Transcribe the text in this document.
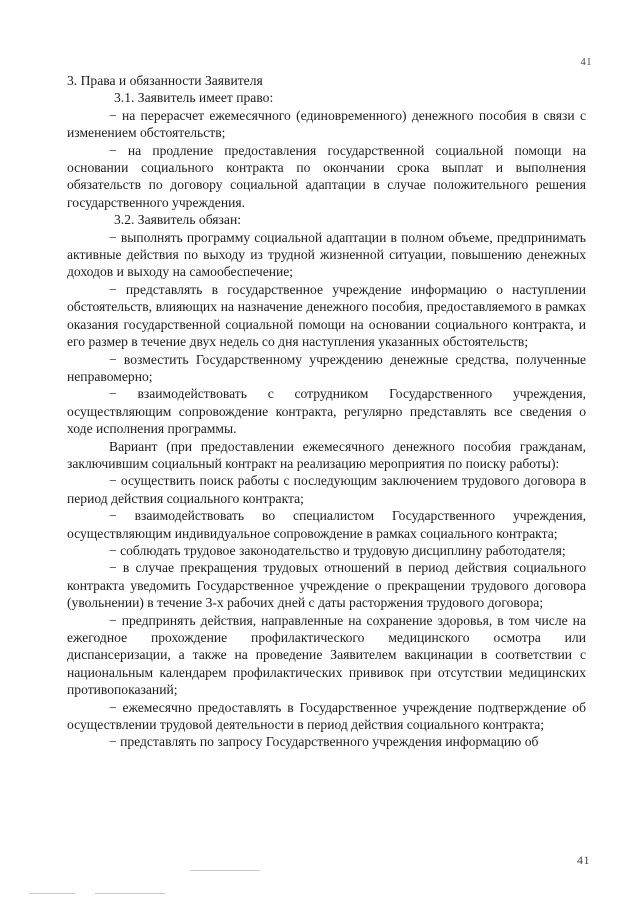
41

3. Права и обязанности Заявителя

3.1. Заявитель имеет право:

− на перерасчет ежемесячного (единовременного) денежного пособия в связи с изменением обстоятельств;

− на продление предоставления государственной социальной помощи на основании социального контракта по окончании срока выплат и выполнения обязательств по договору социальной адаптации в случае положительного решения государственного учреждения.

3.2. Заявитель обязан:

− выполнять программу социальной адаптации в полном объеме, предпринимать активные действия по выходу из трудной жизненной ситуации, повышению денежных доходов и выходу на самообеспечение;

− представлять в государственное учреждение информацию о наступлении обстоятельств, влияющих на назначение денежного пособия, предоставляемого в рамках оказания государственной социальной помощи на основании социального контракта, и его размер в течение двух недель со дня наступления указанных обстоятельств;

− возместить Государственному учреждению денежные средства, полученные неправомерно;

− взаимодействовать с сотрудником Государственного учреждения, осуществляющим сопровождение контракта, регулярно представлять все сведения о ходе исполнения программы.

Вариант (при предоставлении ежемесячного денежного пособия гражданам, заключившим социальный контракт на реализацию мероприятия по поиску работы):

− осуществить поиск работы с последующим заключением трудового договора в период действия социального контракта;

− взаимодействовать во специалистом Государственного учреждения, осуществляющим индивидуальное сопровождение в рамках социального контракта;

− соблюдать трудовое законодательство и трудовую дисциплину работодателя;

− в случае прекращения трудовых отношений в период действия социального контракта уведомить Государственное учреждение о прекращении трудового договора (увольнении) в течение 3-х рабочих дней с даты расторжения трудового договора;

− предпринять действия, направленные на сохранение здоровья, в том числе на ежегодное прохождение профилактического медицинского осмотра или диспансеризации, а также на проведение Заявителем вакцинации в соответствии с национальным календарем профилактических прививок при отсутствии медицинских противопоказаний;

− ежемесячно предоставлять в Государственное учреждение подтверждение об осуществлении трудовой деятельности в период действия социального контракта;

− представлять по запросу Государственного учреждения информацию об

41
